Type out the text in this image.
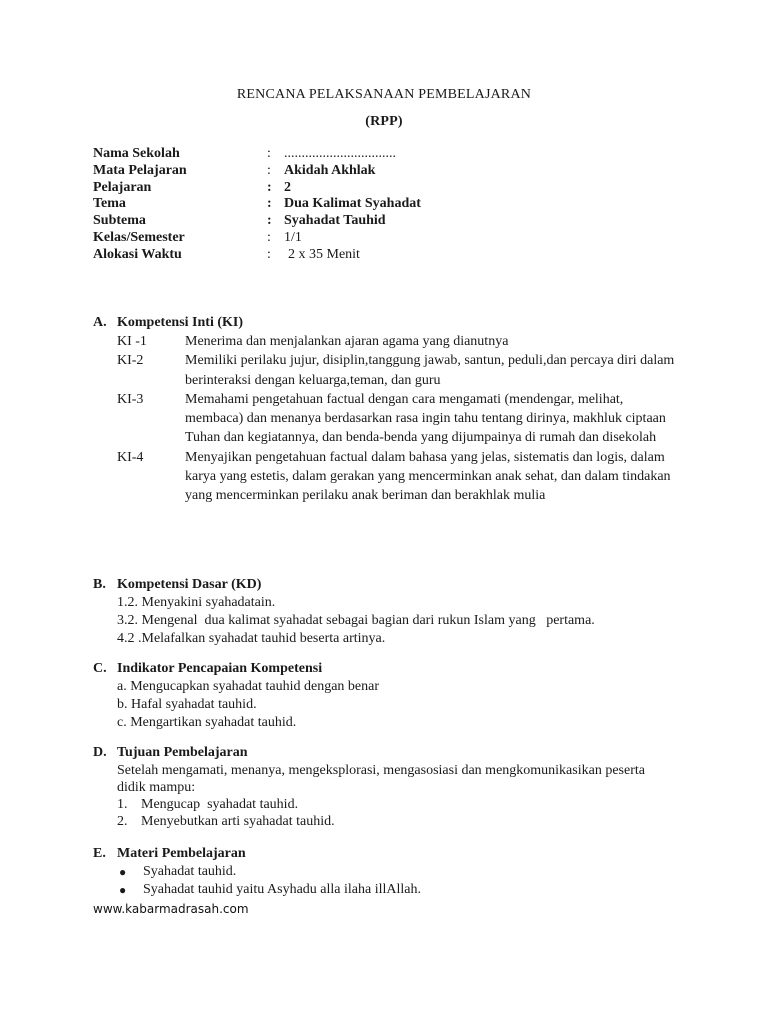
RENCANA PELAKSANAAN PEMBELAJARAN
(RPP)
Nama Sekolah	: ................................
Mata Pelajaran	: Akidah Akhlak
Pelajaran	: 2
Tema	: Dua Kalimat Syahadat
Subtema	: Syahadat Tauhid
Kelas/Semester	: 1/1
Alokasi Waktu	: 2 x 35 Menit
A. Kompetensi Inti (KI)
KI -1	Menerima dan menjalankan ajaran agama yang dianutnya
KI-2	Memiliki perilaku jujur, disiplin,tanggung jawab, santun, peduli,dan percaya diri dalam berinteraksi dengan keluarga,teman, dan guru
KI-3	Memahami pengetahuan factual dengan cara mengamati (mendengar, melihat, membaca) dan menanya berdasarkan rasa ingin tahu tentang dirinya, makhluk ciptaan Tuhan dan kegiatannya, dan benda-benda yang dijumpainya di rumah dan disekolah
KI-4	Menyajikan pengetahuan factual dalam bahasa yang jelas, sistematis dan logis, dalam karya yang estetis, dalam gerakan yang mencerminkan anak sehat, dan dalam tindakan yang mencerminkan perilaku anak beriman dan berakhlak mulia
B. Kompetensi Dasar (KD)
1.2. Menyakini syahadatain.
3.2. Mengenal  dua kalimat syahadat sebagai bagian dari rukun Islam yang   pertama.
4.2 .Melafalkan syahadat tauhid beserta artinya.
C. Indikator Pencapaian Kompetensi
a. Mengucapkan syahadat tauhid dengan benar
b. Hafal syahadat tauhid.
c. Mengartikan syahadat tauhid.
D. Tujuan Pembelajaran
Setelah mengamati, menanya, mengeksplorasi, mengasosiasi dan mengkomunikasikan peserta didik mampu:
1. Mengucap  syahadat tauhid.
2. Menyebutkan arti syahadat tauhid.
E. Materi Pembelajaran
●	Syahadat tauhid.
●	Syahadat tauhid yaitu Asyhadu alla ilaha illAllah.
www.kabarmadrasah.com
